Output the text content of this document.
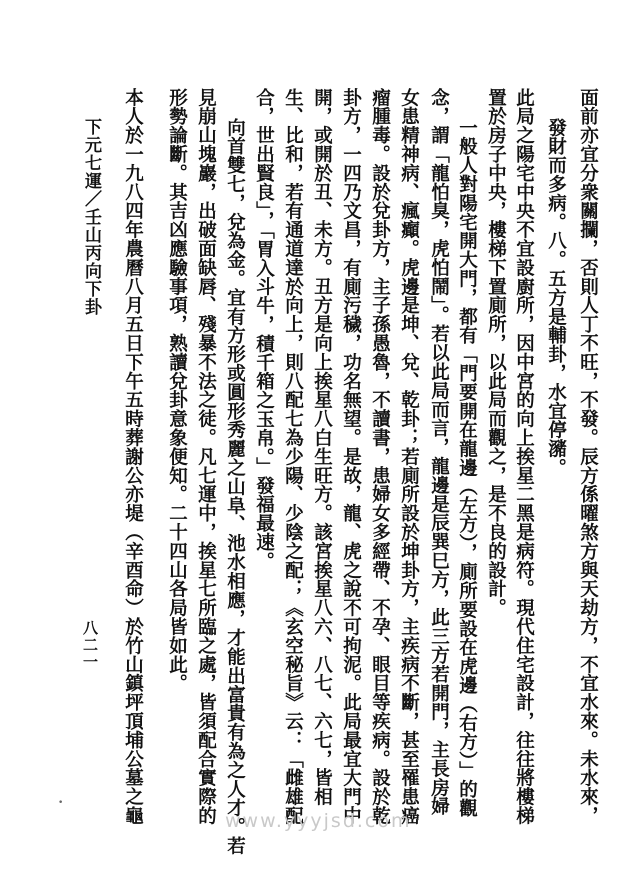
面前亦宜分衆關攔，否則人丁不旺，不發。辰方係曜煞方與天劫方，不宜水來。未水來，
發財而多病。八。五方是輔卦，水宜停瀦。
此局之陽宅中央不宜設廚所，因中宮的向上挨星二黑是病符。現代住宅設計，往往將樓梯
置於房子中央，樓梯下置廁所，以此局而觀之，是不良的設計。
一般人對陽宅開大門，都有「門要開在龍邊（左方），廁所要設在虎邊（右方）」的觀
念，謂「龍怕臭，虎怕鬧」。若以此局而言，龍邊是辰巽巳方，此三方若開門，主長房婦
女患精神病、瘋癲。虎邊是坤、兌、乾卦；若廁所設於坤卦方，主疾病不斷，甚至罹患癌
瘤腫毒。設於兌卦方，主子孫愚魯，不讀書，患婦女多經帶、不孕、眼目等疾病。設於乾
卦方，一四乃文昌，有廁污穢，功名無望。是故，龍、虎之說不可拘泥。此局最宜大門中
開，或開於丑、未方。丑方是向上挨星八白生旺方。該宮挨星八六、八七、六七，皆相
生、比和，若有通道達於向上，則八配七為少陽、少陰之配；《玄空秘旨》云：「雌雄配
合，世出賢良」，「胃入斗牛，積千箱之玉帛。」發福最速。
向首雙七，兌為金。宜有方形或圓形秀麗之山阜、池水相應，才能出富貴有為之人才。若
見崩山塊巖，出破面缺唇、殘暴不法之徒。凡七運中，挨星七所臨之處，皆須配合實際的
形勢論斷。其吉凶應驗事項，熟讀兌卦意象便知。二十四山各局皆如此。
本人於一九八四年農曆八月五日下午五時葬謝公亦堤（辛酉命）於竹山鎮坪頂埔公墓之龜
下元七運／壬山丙向下卦
八二一
•
www.yyyjsd.com
